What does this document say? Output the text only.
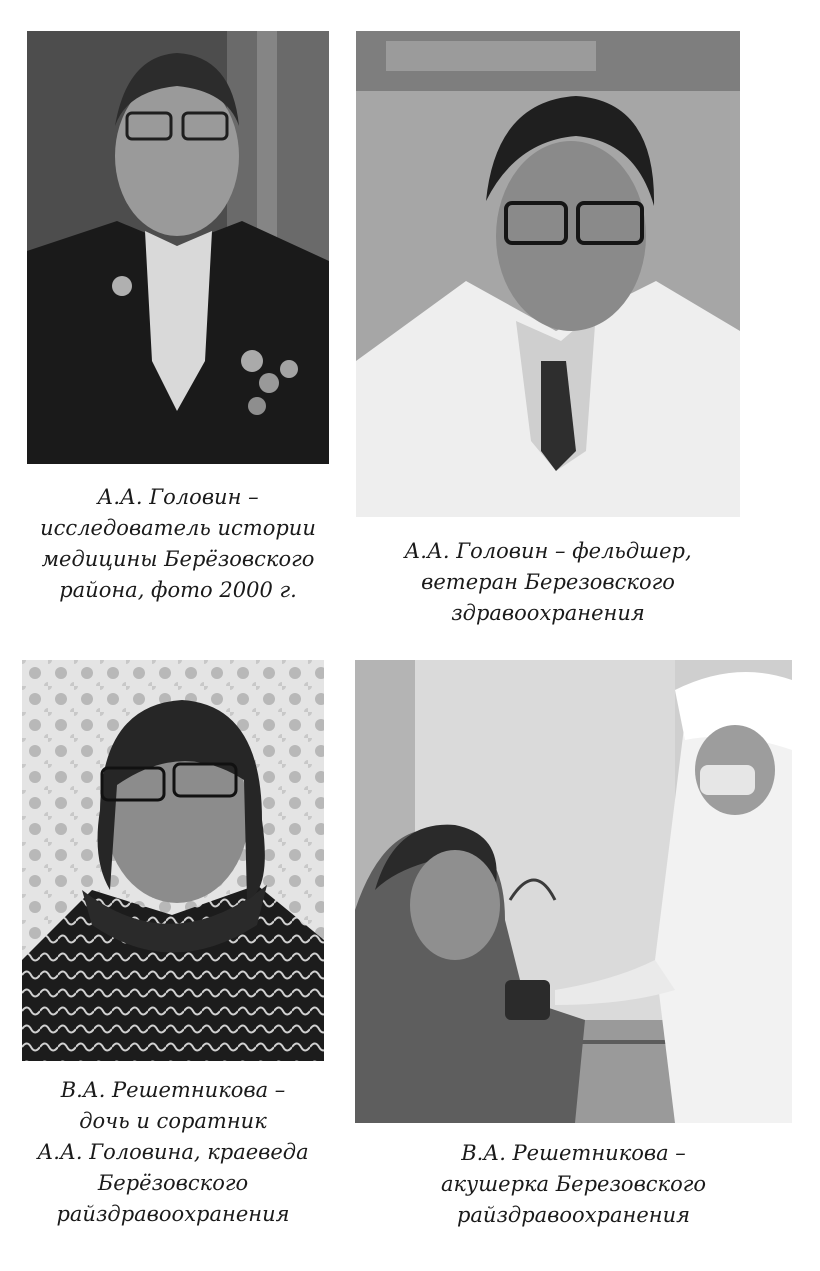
А.А. Головин –
исследователь истории
медицины Берёзовского
района, фото 2000 г.
А.А. Головин – фельдшер,
ветеран Березовского
здравоохранения
В.А. Решетникова –
дочь и соратник
А.А. Головина, краеведа
Берёзовского
райздравоохранения
В.А. Решетникова –
акушерка Березовского
райздравоохранения
